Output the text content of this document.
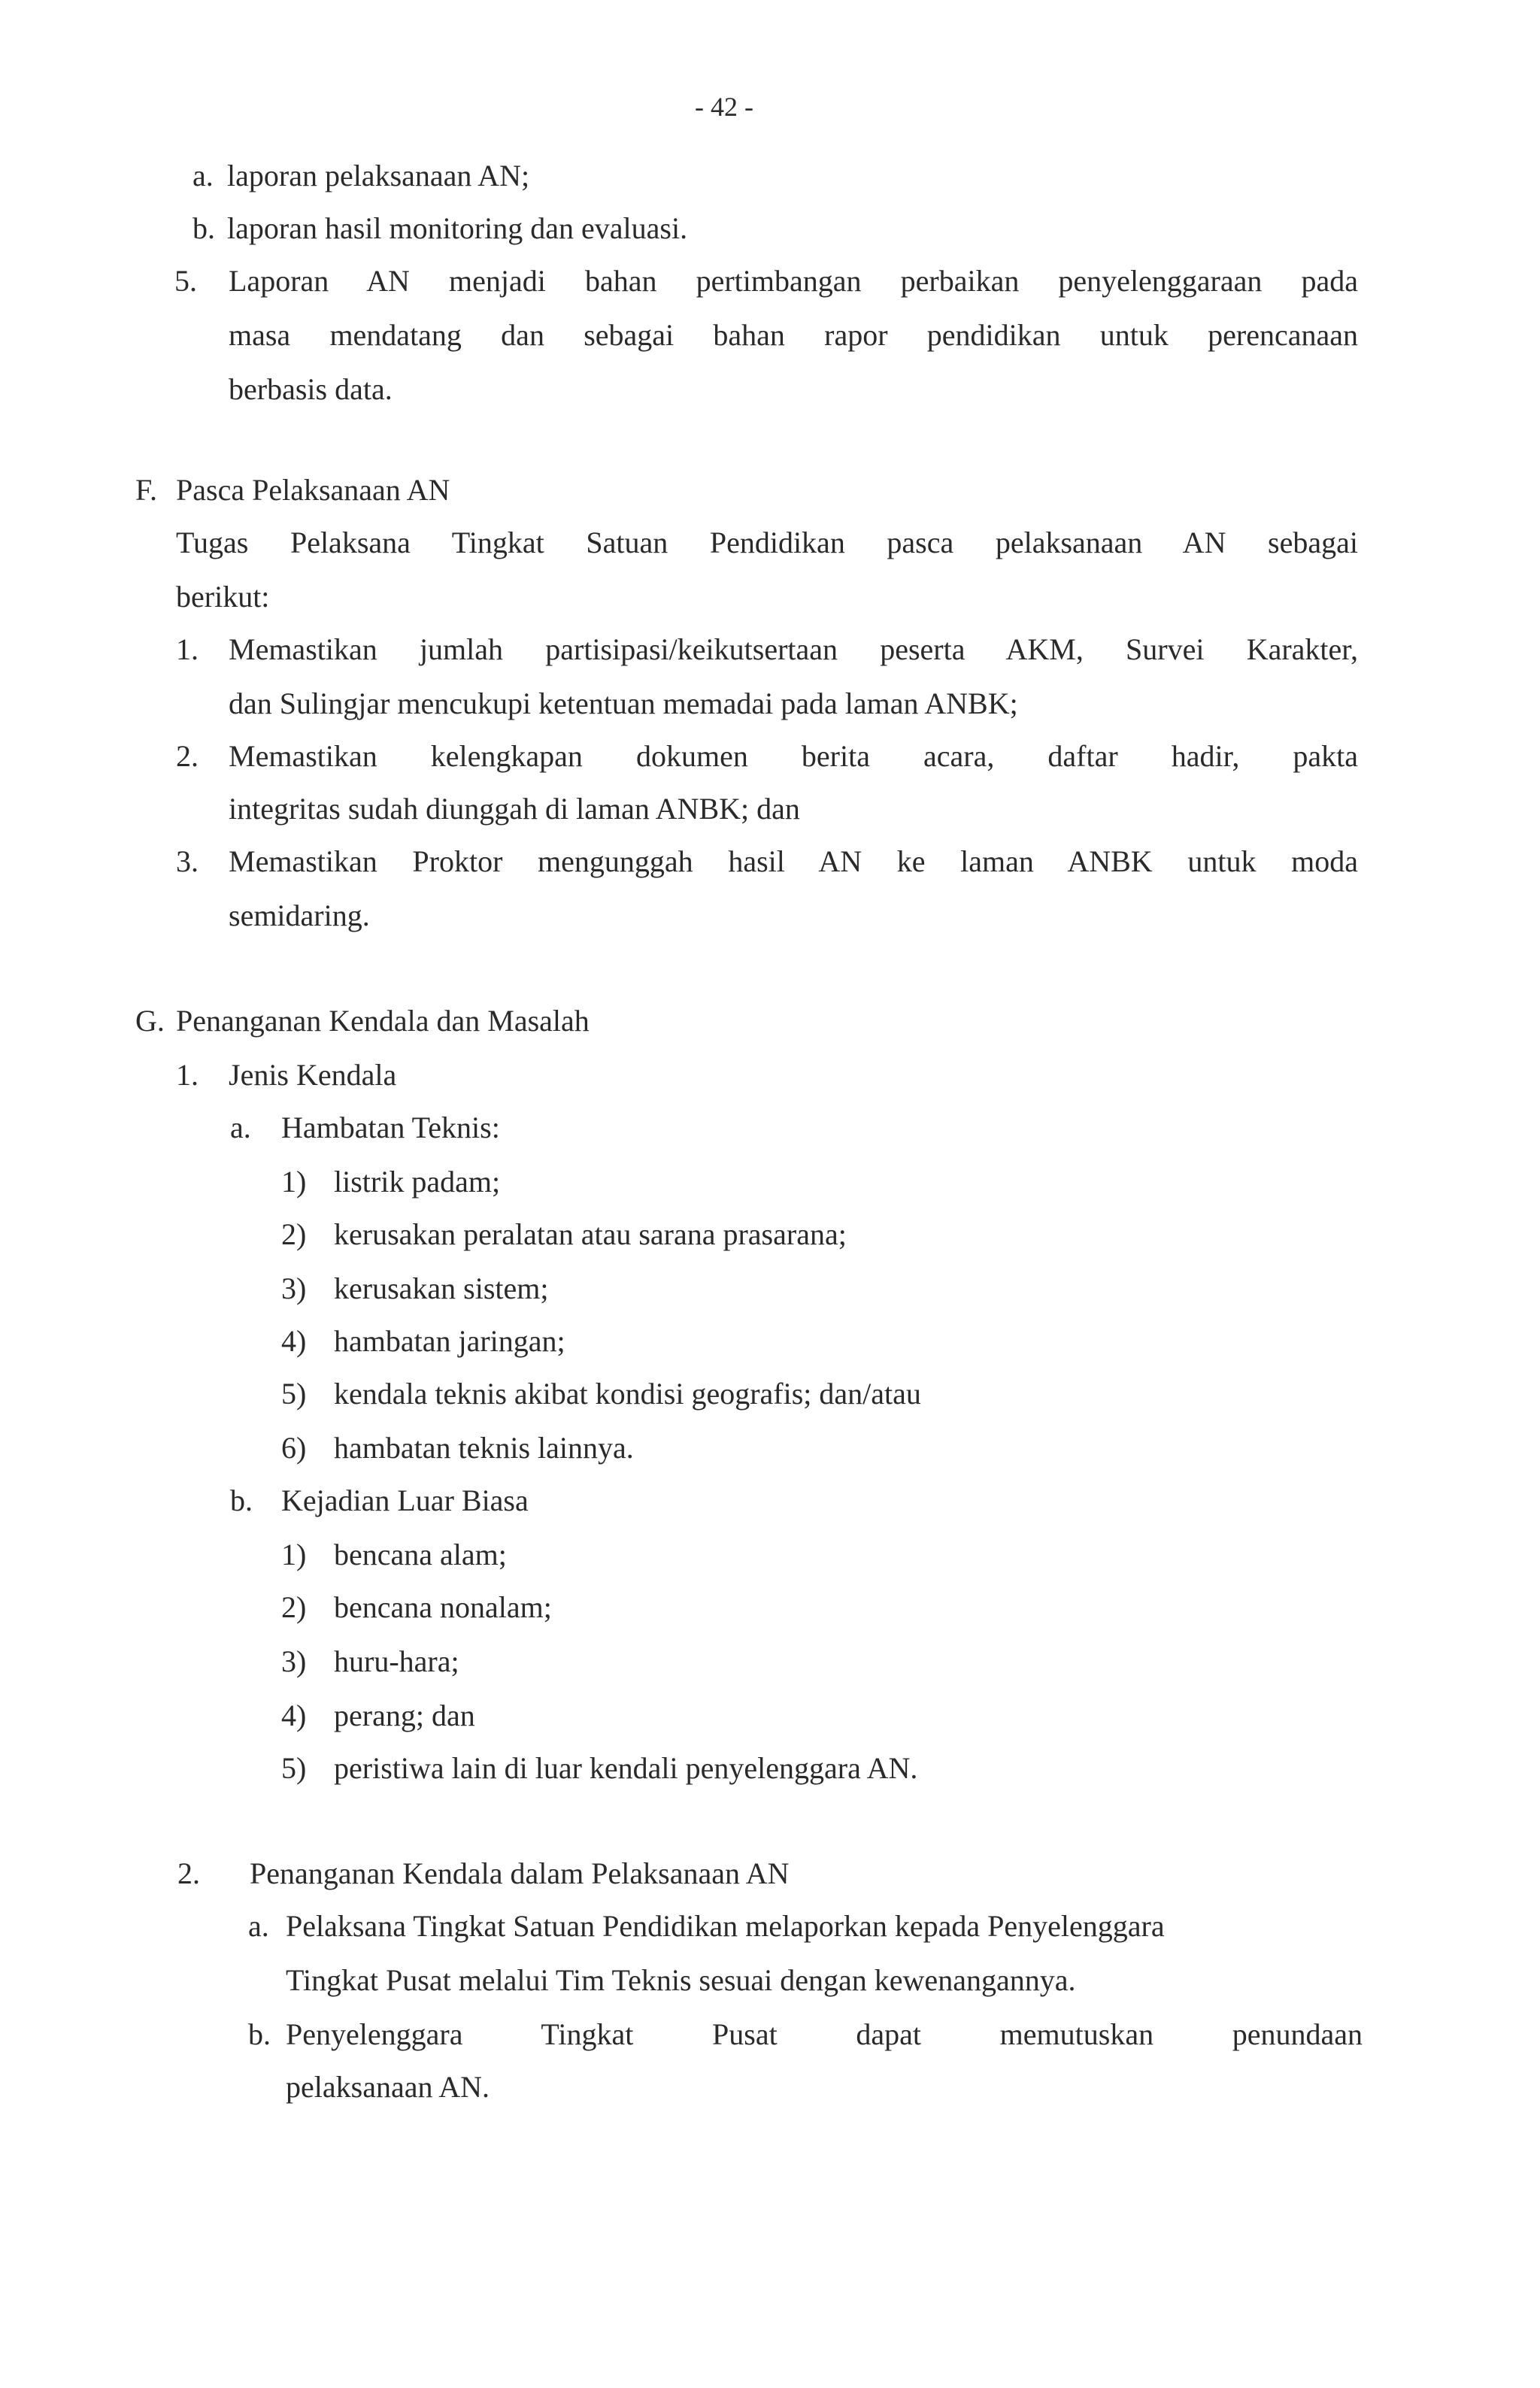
- 42 -
a. laporan pelaksanaan AN;
b. laporan hasil monitoring dan evaluasi.
5. Laporan AN menjadi bahan pertimbangan perbaikan penyelenggaraan pada
masa mendatang dan sebagai bahan rapor pendidikan untuk perencanaan
berbasis data.
F. Pasca Pelaksanaan AN
Tugas Pelaksana Tingkat Satuan Pendidikan pasca pelaksanaan AN sebagai
berikut:
1. Memastikan jumlah partisipasi/keikutsertaan peserta AKM, Survei Karakter,
dan Sulingjar mencukupi ketentuan memadai pada laman ANBK;
2. Memastikan kelengkapan dokumen berita acara, daftar hadir, pakta
integritas sudah diunggah di laman ANBK; dan
3. Memastikan Proktor mengunggah hasil AN ke laman ANBK untuk moda
semidaring.
G. Penanganan Kendala dan Masalah
1. Jenis Kendala
a. Hambatan Teknis:
1) listrik padam;
2) kerusakan peralatan atau sarana prasarana;
3) kerusakan sistem;
4) hambatan jaringan;
5) kendala teknis akibat kondisi geografis; dan/atau
6) hambatan teknis lainnya.
b. Kejadian Luar Biasa
1) bencana alam;
2) bencana nonalam;
3) huru-hara;
4) perang; dan
5) peristiwa lain di luar kendali penyelenggara AN.
2. Penanganan Kendala dalam Pelaksanaan AN
a. Pelaksana Tingkat Satuan Pendidikan melaporkan kepada Penyelenggara
Tingkat Pusat melalui Tim Teknis sesuai dengan kewenangannya.
b. Penyelenggara Tingkat Pusat dapat memutuskan penundaan
pelaksanaan AN.
